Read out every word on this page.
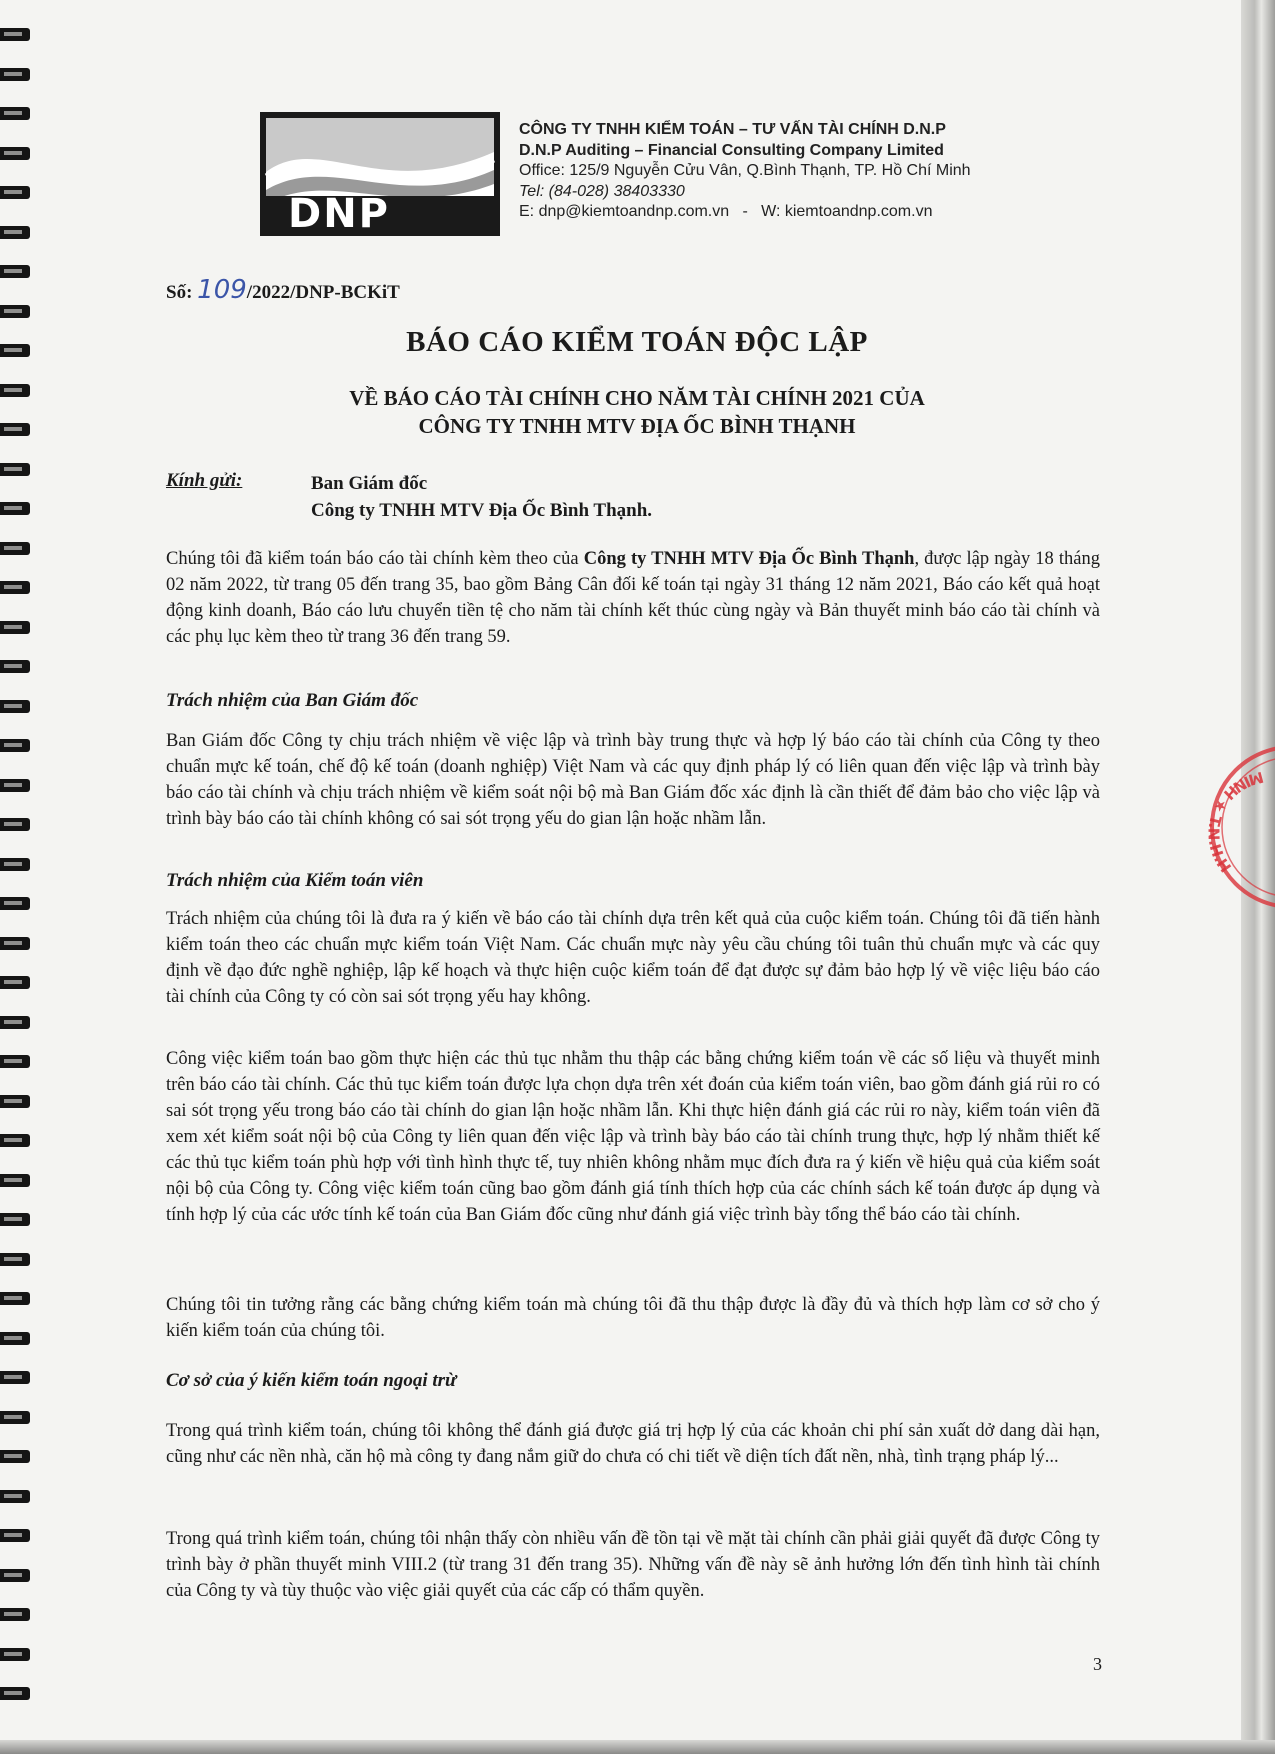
DNP
CÔNG TY TNHH KIỂM TOÁN – TƯ VẤN TÀI CHÍNH D.N.P
D.N.P Auditing – Financial Consulting Company Limited
Office: 125/9 Nguyễn Cửu Vân, Q.Bình Thạnh, TP. Hồ Chí Minh
Tel: (84-028) 38403330
E: dnp@kiemtoandnp.com.vn   -   W: kiemtoandnp.com.vn
Số: 109/2022/DNP-BCKiT
BÁO CÁO KIỂM TOÁN ĐỘC LẬP
VỀ BÁO CÁO TÀI CHÍNH CHO NĂM TÀI CHÍNH 2021 CỦA
CÔNG TY TNHH MTV ĐỊA ỐC BÌNH THẠNH
Kính gửi:	Ban Giám đốc
Công ty TNHH MTV Địa Ốc Bình Thạnh.
Chúng tôi đã kiểm toán báo cáo tài chính kèm theo của Công ty TNHH MTV Địa Ốc Bình Thạnh, được lập ngày 18 tháng 02 năm 2022, từ trang 05 đến trang 35, bao gồm Bảng Cân đối kế toán tại ngày 31 tháng 12 năm 2021, Báo cáo kết quả hoạt động kinh doanh, Báo cáo lưu chuyển tiền tệ cho năm tài chính kết thúc cùng ngày và Bản thuyết minh báo cáo tài chính và các phụ lục kèm theo từ trang 36 đến trang 59.
Trách nhiệm của Ban Giám đốc
Ban Giám đốc Công ty chịu trách nhiệm về việc lập và trình bày trung thực và hợp lý báo cáo tài chính của Công ty theo chuẩn mực kế toán, chế độ kế toán (doanh nghiệp) Việt Nam và các quy định pháp lý có liên quan đến việc lập và trình bày báo cáo tài chính và chịu trách nhiệm về kiểm soát nội bộ mà Ban Giám đốc xác định là cần thiết để đảm bảo cho việc lập và trình bày báo cáo tài chính không có sai sót trọng yếu do gian lận hoặc nhầm lẫn.
Trách nhiệm của Kiểm toán viên
Trách nhiệm của chúng tôi là đưa ra ý kiến về báo cáo tài chính dựa trên kết quả của cuộc kiểm toán. Chúng tôi đã tiến hành kiểm toán theo các chuẩn mực kiểm toán Việt Nam. Các chuẩn mực này yêu cầu chúng tôi tuân thủ chuẩn mực và các quy định về đạo đức nghề nghiệp, lập kế hoạch và thực hiện cuộc kiểm toán để đạt được sự đảm bảo hợp lý về việc liệu báo cáo tài chính của Công ty có còn sai sót trọng yếu hay không.
Công việc kiểm toán bao gồm thực hiện các thủ tục nhằm thu thập các bằng chứng kiểm toán về các số liệu và thuyết minh trên báo cáo tài chính. Các thủ tục kiểm toán được lựa chọn dựa trên xét đoán của kiểm toán viên, bao gồm đánh giá rủi ro có sai sót trọng yếu trong báo cáo tài chính do gian lận hoặc nhầm lẫn. Khi thực hiện đánh giá các rủi ro này, kiểm toán viên đã xem xét kiểm soát nội bộ của Công ty liên quan đến việc lập và trình bày báo cáo tài chính trung thực, hợp lý nhằm thiết kế các thủ tục kiểm toán phù hợp với tình hình thực tế, tuy nhiên không nhằm mục đích đưa ra ý kiến về hiệu quả của kiểm soát nội bộ của Công ty. Công việc kiểm toán cũng bao gồm đánh giá tính thích hợp của các chính sách kế toán được áp dụng và tính hợp lý của các ước tính kế toán của Ban Giám đốc cũng như đánh giá việc trình bày tổng thể báo cáo tài chính.
Chúng tôi tin tưởng rằng các bằng chứng kiểm toán mà chúng tôi đã thu thập được là đầy đủ và thích hợp làm cơ sở cho ý kiến kiểm toán của chúng tôi.
Cơ sở của ý kiến kiểm toán ngoại trừ
Trong quá trình kiểm toán, chúng tôi không thể đánh giá được giá trị hợp lý của các khoản chi phí sản xuất dở dang dài hạn, cũng như các nền nhà, căn hộ mà công ty đang nắm giữ do chưa có chi tiết về diện tích đất nền, nhà, tình trạng pháp lý...
Trong quá trình kiểm toán, chúng tôi nhận thấy còn nhiều vấn đề tồn tại về mặt tài chính cần phải giải quyết đã được Công ty trình bày ở phần thuyết minh VIII.2 (từ trang 31 đến trang 35). Những vấn đề này sẽ ảnh hưởng lớn đến tình hình tài chính của Công ty và tùy thuộc vào việc giải quyết của các cấp có thẩm quyền.
3
MINH ★ T.N.H.H
